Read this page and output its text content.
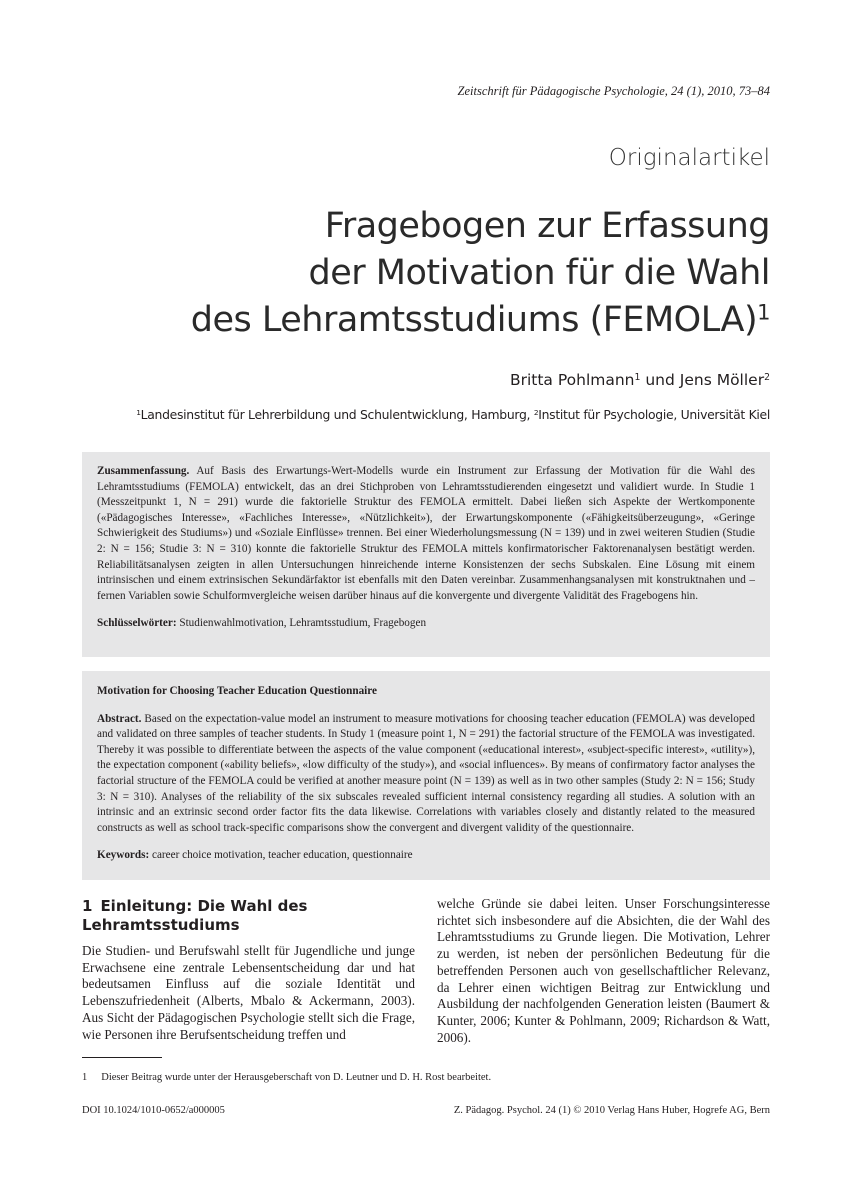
Zeitschrift für Pädagogische Psychologie, 24 (1), 2010, 73–84
Originalartikel
Fragebogen zur Erfassung
der Motivation für die Wahl
des Lehramtsstudiums (FEMOLA)$^1$
Britta Pohlmann$^1$ und Jens Möller$^2$
$^1$Landesinstitut für Lehrerbildung und Schulentwicklung, Hamburg, $^2$Institut für Psychologie, Universität Kiel

Zusammenfassung. Auf Basis des Erwartungs-Wert-Modells wurde ein Instrument zur Erfassung der Motivation für die Wahl des Lehramtsstudiums (FEMOLA) entwickelt, das an drei Stichproben von Lehramtsstudierenden eingesetzt und validiert wurde. In Studie 1 (Messzeitpunkt 1, N = 291) wurde die faktorielle Struktur des FEMOLA ermittelt. Dabei ließen sich Aspekte der Wertkomponente («Pädagogisches Interesse», «Fachliches Interesse», «Nützlichkeit»), der Erwartungskomponente («Fähigkeitsüberzeugung», «Geringe Schwierigkeit des Studiums») und «Soziale Einflüsse» trennen. Bei einer Wiederholungsmessung (N = 139) und in zwei weiteren Studien (Studie 2: N = 156; Studie 3: N = 310) konnte die faktorielle Struktur des FEMOLA mittels konfirmatorischer Faktorenanalysen bestätigt werden. Reliabilitätsanalysen zeigten in allen Untersuchungen hinreichende interne Konsistenzen der sechs Subskalen. Eine Lösung mit einem intrinsischen und einem extrinsischen Sekundärfaktor ist ebenfalls mit den Daten vereinbar. Zusammenhangsanalysen mit konstruktnahen und –fernen Variablen sowie Schulformvergleiche weisen darüber hinaus auf die konvergente und divergente Validität des Fragebogens hin.

Schlüsselwörter: Studienwahlmotivation, Lehramtsstudium, Fragebogen

Motivation for Choosing Teacher Education Questionnaire

Abstract. Based on the expectation-value model an instrument to measure motivations for choosing teacher education (FEMOLA) was developed and validated on three samples of teacher students. In Study 1 (measure point 1, N = 291) the factorial structure of the FEMOLA was investigated. Thereby it was possible to differentiate between the aspects of the value component («educational interest», «subject-specific interest», «utility»), the expectation component («ability beliefs», «low difficulty of the study»), and «social influences». By means of confirmatory factor analyses the factorial structure of the FEMOLA could be verified at another measure point (N = 139) as well as in two other samples (Study 2: N = 156; Study 3: N = 310). Analyses of the reliability of the six subscales revealed sufficient internal consistency regarding all studies. A solution with an intrinsic and an extrinsic second order factor fits the data likewise. Correlations with variables closely and distantly related to the measured constructs as well as school track-specific comparisons show the convergent and divergent validity of the questionnaire.

Keywords: career choice motivation, teacher education, questionnaire

1 Einleitung: Die Wahl des Lehramtsstudiums

Die Studien- und Berufswahl stellt für Jugendliche und junge Erwachsene eine zentrale Lebensentscheidung dar und hat bedeutsamen Einfluss auf die soziale Identität und Lebenszufriedenheit (Alberts, Mbalo & Ackermann, 2003). Aus Sicht der Pädagogischen Psychologie stellt sich die Frage, wie Personen ihre Berufsentscheidung treffen und

welche Gründe sie dabei leiten. Unser Forschungsinteresse richtet sich insbesondere auf die Absichten, die der Wahl des Lehramtsstudiums zu Grunde liegen. Die Motivation, Lehrer zu werden, ist neben der persönlichen Bedeutung für die betreffenden Personen auch von gesellschaftlicher Relevanz, da Lehrer einen wichtigen Beitrag zur Entwicklung und Ausbildung der nachfolgenden Generation leisten (Baumert & Kunter, 2006; Kunter & Pohlmann, 2009; Richardson & Watt, 2006).

1 Dieser Beitrag wurde unter der Herausgeberschaft von D. Leutner und D. H. Rost bearbeitet.
DOI 10.1024/1010-0652/a000005	Z. Pädagog. Psychol. 24 (1) © 2010 Verlag Hans Huber, Hogrefe AG, Bern
